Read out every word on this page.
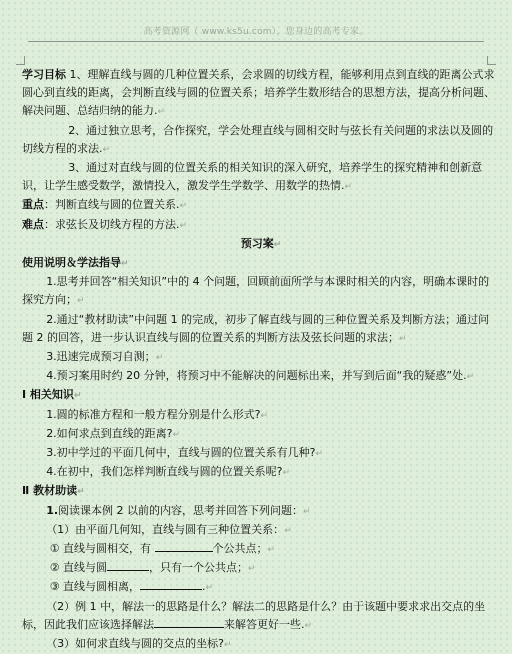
高考资源网（ www.ks5u.com），您身边的高考专家。

学习目标 1、理解直线与圆的几种位置关系，会求圆的切线方程，能够利用点到直线的距离公式求圆心到直线的距离，会判断直线与圆的位置关系；培养学生数形结合的思想方法，提高分析问题、解决问题、总结归纳的能力.↵

2、通过独立思考，合作探究，学会处理直线与圆相交时与弦长有关问题的求法以及圆的切线方程的求法.↵

3、通过对直线与圆的位置关系的相关知识的深入研究，培养学生的探究精神和创新意识，让学生感受数学，激情投入，激发学生学数学、用数学的热情.↵

重点：判断直线与圆的位置关系.↵

难点：求弦长及切线方程的方法.↵

预习案↵

使用说明＆学法指导↵

1.思考并回答“相关知识”中的 4 个问题，回顾前面所学与本课时相关的内容，明确本课时的探究方向；↵

2.通过“教材助读”中问题 1 的完成，初步了解直线与圆的三种位置关系及判断方法；通过问题 2 的回答，进一步认识直线与圆的位置关系的判断方法及弦长问题的求法；↵

3.迅速完成预习自测；↵

4.预习案用时约 20 分钟，将预习中不能解决的问题标出来，并写到后面“我的疑惑”处.↵

Ⅰ 相关知识↵

1.圆的标准方程和一般方程分别是什么形式?↵

2.如何求点到直线的距离?↵

3.初中学过的平面几何中，直线与圆的位置关系有几种?↵

4.在初中，我们怎样判断直线与圆的位置关系呢?↵

Ⅱ 教材助读↵

1.阅读课本例 2 以前的内容，思考并回答下列问题：↵

（1）由平面几何知，直线与圆有三种位置关系：↵

① 直线与圆相交，有	个公共点；↵

② 直线与圆	，只有一个公共点；↵

③ 直线与圆相离，	.↵

（2）例 1 中，解法一的思路是什么？解法二的思路是什么？由于该题中要求求出交点的坐标，因此我们应该选择解法	来解答更好一些.↵

（3）如何求直线与圆的交点的坐标?↵
